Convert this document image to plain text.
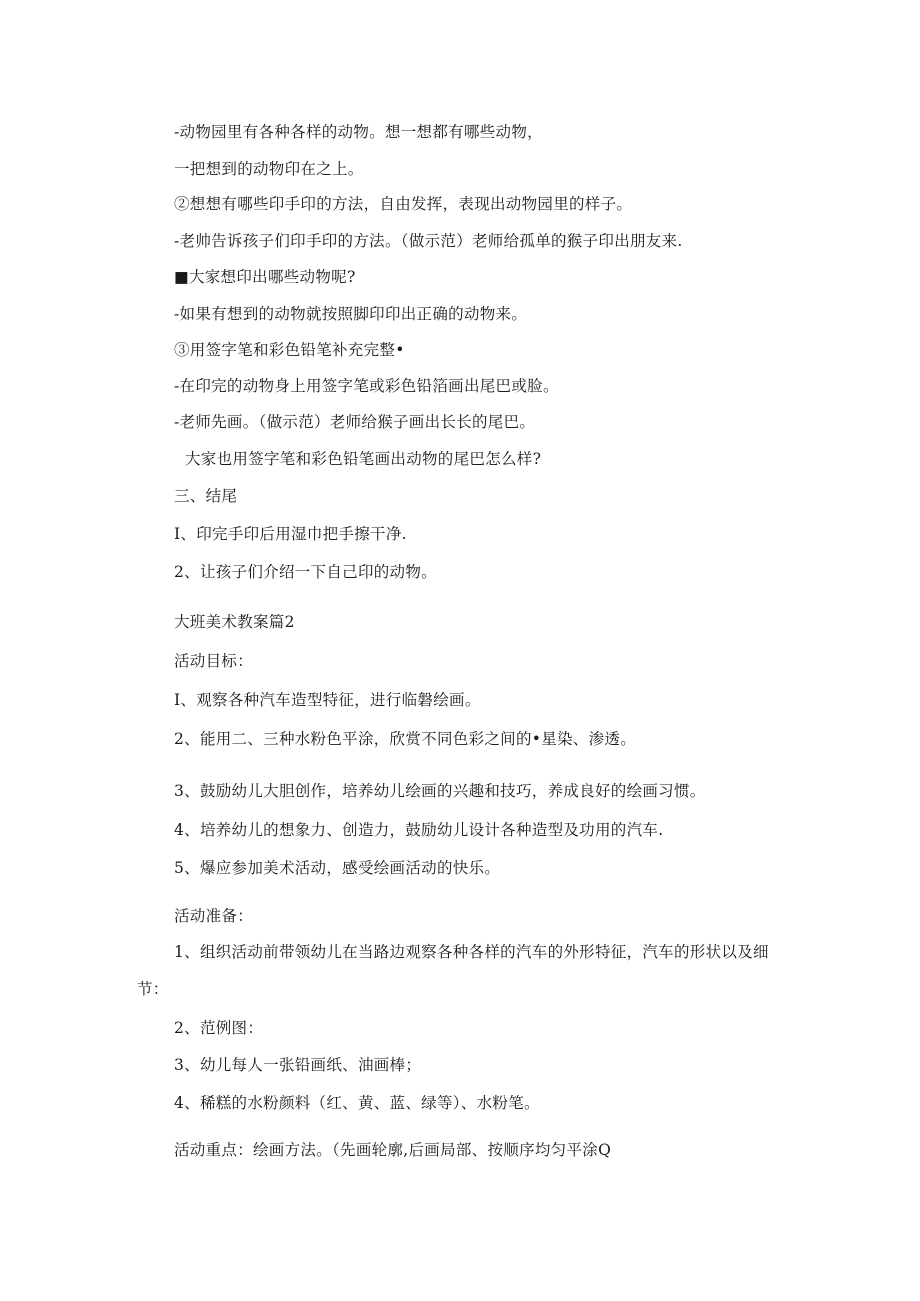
-动物园里有各种各样的动物。想一想都有哪些动物，
一把想到的动物印在之上。
②想想有哪些印手印的方法，自由发挥，表现出动物园里的样子。
-老帅告诉孩子们印手印的方法。（做示范）老师给孤单的猴子印出朋友来.
■大家想印出哪些动物呢?
-如果有想到的动物就按照脚印印出正确的动物来。
③用签字笔和彩色铅笔补充完整•
-在印完的动物身上用签字笔或彩色铅箔画出尾巴或脸。
-老师先画。（做示范）老师给猴子画出长长的尾巴。
大家也用签字笔和彩色铅笔画出动物的尾巴怎么样?
三、结尾
I、印完手印后用湿巾把手擦干净.
2、让孩子们介绍一下自己印的动物。
大班美术教案篇2
活动目标：
I、观察各种汽车造型特征，进行临磐绘画。
2、能用二、三种水粉色平涂，欣赏不同色彩之间的•星染、渗透。
3、鼓励幼儿大胆创作，培养幼儿绘画的兴趣和技巧，养成良好的绘画习惯。
4、培养幼儿的想象力、创造力，鼓励幼儿设计各种造型及功用的汽车.
5、爆应参加美术活动，感受绘画活动的快乐。
活动准备：
1、组织活动前带领幼儿在当路边观察各种各样的汽车的外形特征，汽车的形状以及细
节：
2、范例图：
3、幼儿每人一张铅画纸、油画棒；
4、稀糕的水粉颜料（红、黄、蓝、绿等）、水粉笔。
活动重点：绘画方法。（先画轮廓,后画局部、按顺序均匀平涂Q
